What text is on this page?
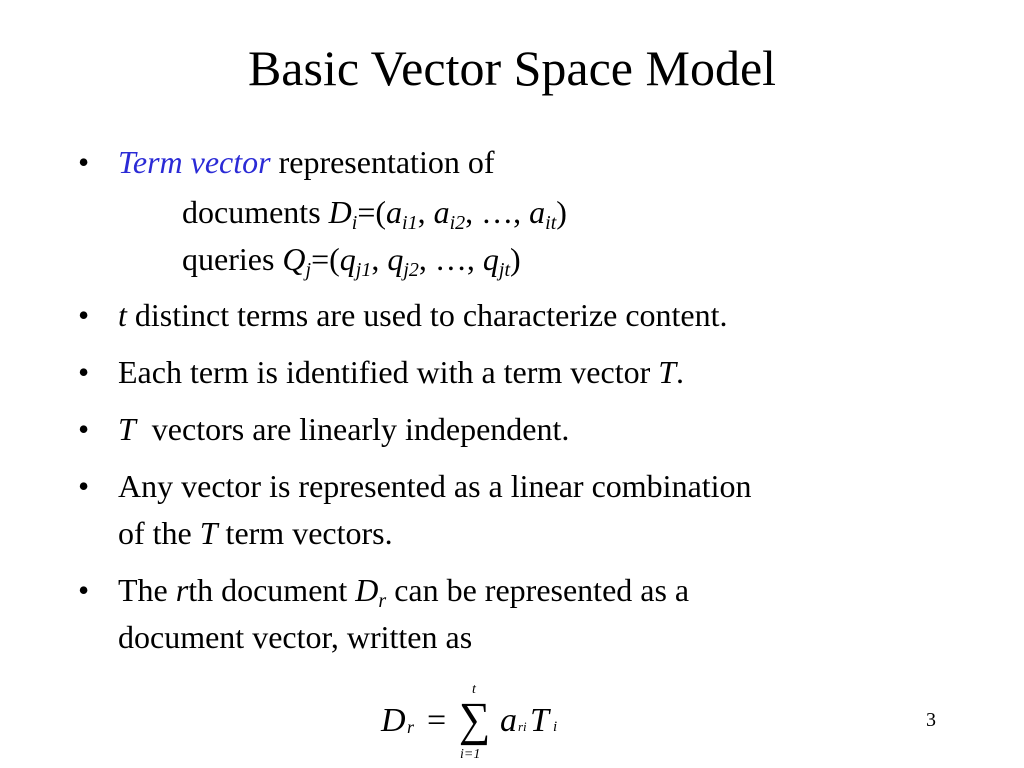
Basic Vector Space Model
• Term vector representation of
documents $D_i=(a_{i1}$, $a_{i2}$, …, $a_{it}$)
queries $Q_j=(q_{j1}$, $q_{j2}$, …, $q_{jt}$)
• t distinct terms are used to characterize content.
• Each term is identified with a term vector T.
• T  vectors are linearly independent.
• Any vector is represented as a linear combination
of the T term vectors.
• The rth document $D_r$ can be represented as a
document vector, written as
D r =
t
∑
i=1
a ri T i	3
